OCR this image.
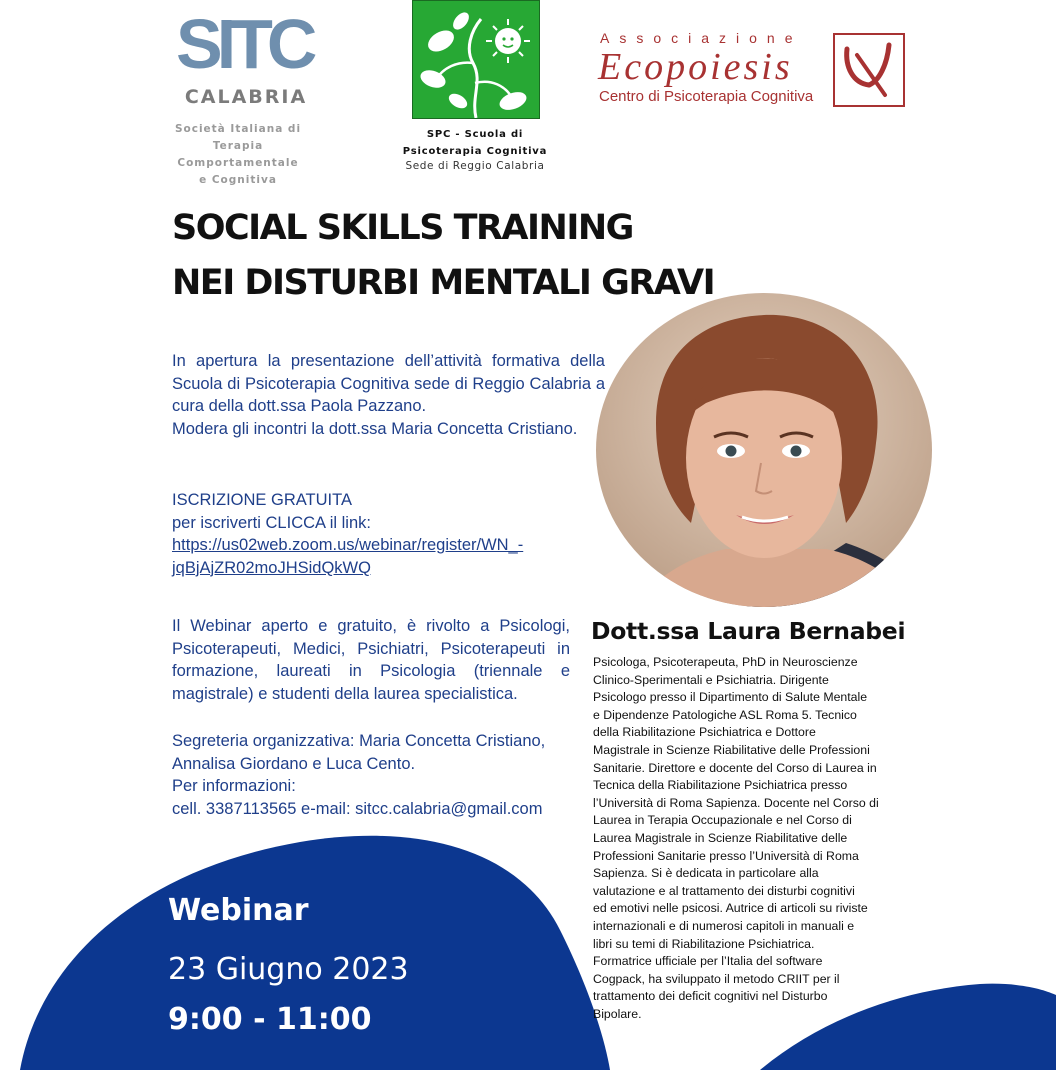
SITC
CALABRIA
Società Italiana di
Terapia Comportamentale
e Cognitiva
SPC - Scuola di
Psicoterapia Cognitiva
Sede di Reggio Calabria
Associazione
Ecopoiesis
Centro di Psicoterapia Cognitiva
SOCIAL SKILLS TRAINING
NEI DISTURBI MENTALI GRAVI

In apertura la presentazione dell’attività formativa della Scuola di Psicoterapia Cognitiva sede di Reggio Calabria a cura della dott.ssa Paola Pazzano.

Modera gli incontri la dott.ssa Maria Concetta Cristiano.

ISCRIZIONE GRATUITA
per iscriverti CLICCA il link:
https://us02web.zoom.us/webinar/register/WN_-
jqBjAjZR02moJHSidQkWQ
Il Webinar aperto e gratuito, è rivolto a Psicologi, Psicoterapeuti, Medici, Psichiatri, Psicoterapeuti in formazione, laureati in Psicologia (triennale e magistrale) e studenti della laurea specialistica.
Segreteria organizzativa: Maria Concetta Cristiano,
Annalisa Giordano e Luca Cento.
Per informazioni:
cell. 3387113565 e-mail: sitcc.calabria@gmail.com
Dott.ssa Laura Bernabei
Psicologa, Psicoterapeuta, PhD in Neuroscienze
Clinico-Sperimentali e Psichiatria. Dirigente
Psicologo presso il Dipartimento di Salute Mentale
e Dipendenze Patologiche ASL Roma 5. Tecnico
della Riabilitazione Psichiatrica e Dottore
Magistrale in Scienze Riabilitative delle Professioni
Sanitarie. Direttore e docente del Corso di Laurea in
Tecnica della Riabilitazione Psichiatrica presso
l’Università di Roma Sapienza. Docente nel Corso di
Laurea in Terapia Occupazionale e nel Corso di
Laurea Magistrale in Scienze Riabilitative delle
Professioni Sanitarie presso l’Università di Roma
Sapienza. Si è dedicata in particolare alla
valutazione e al trattamento dei disturbi cognitivi
ed emotivi nelle psicosi. Autrice di articoli su riviste
internazionali e di numerosi capitoli in manuali e
libri su temi di Riabilitazione Psichiatrica.
Formatrice ufficiale per l’Italia del software
Cogpack, ha sviluppato il metodo CRIIT per il
trattamento dei deficit cognitivi nel Disturbo
Bipolare.
Webinar
23 Giugno 2023
9:00 - 11:00
